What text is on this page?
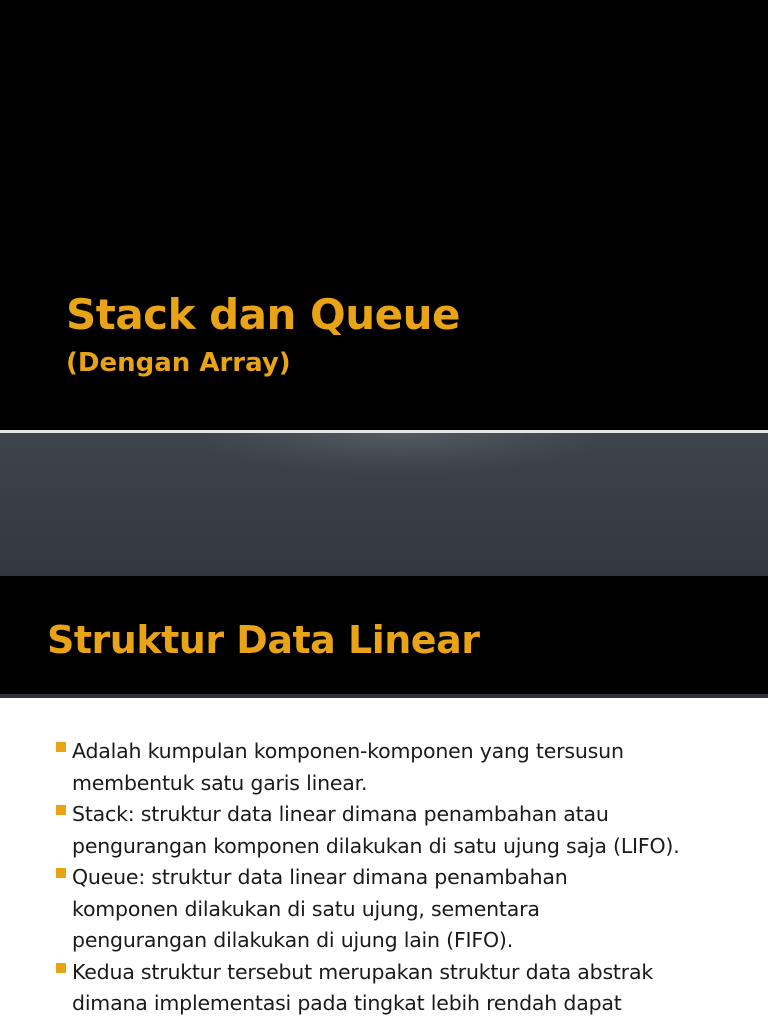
Stack dan Queue
(Dengan Array)
Struktur Data Linear
Adalah kumpulan komponen-komponen yang tersusun
membentuk satu garis linear.
Stack: struktur data linear dimana penambahan atau
pengurangan komponen dilakukan di satu ujung saja (LIFO).
Queue: struktur data linear dimana penambahan
komponen dilakukan di satu ujung, sementara
pengurangan dilakukan di ujung lain (FIFO).
Kedua struktur tersebut merupakan struktur data abstrak
dimana implementasi pada tingkat lebih rendah dapat
